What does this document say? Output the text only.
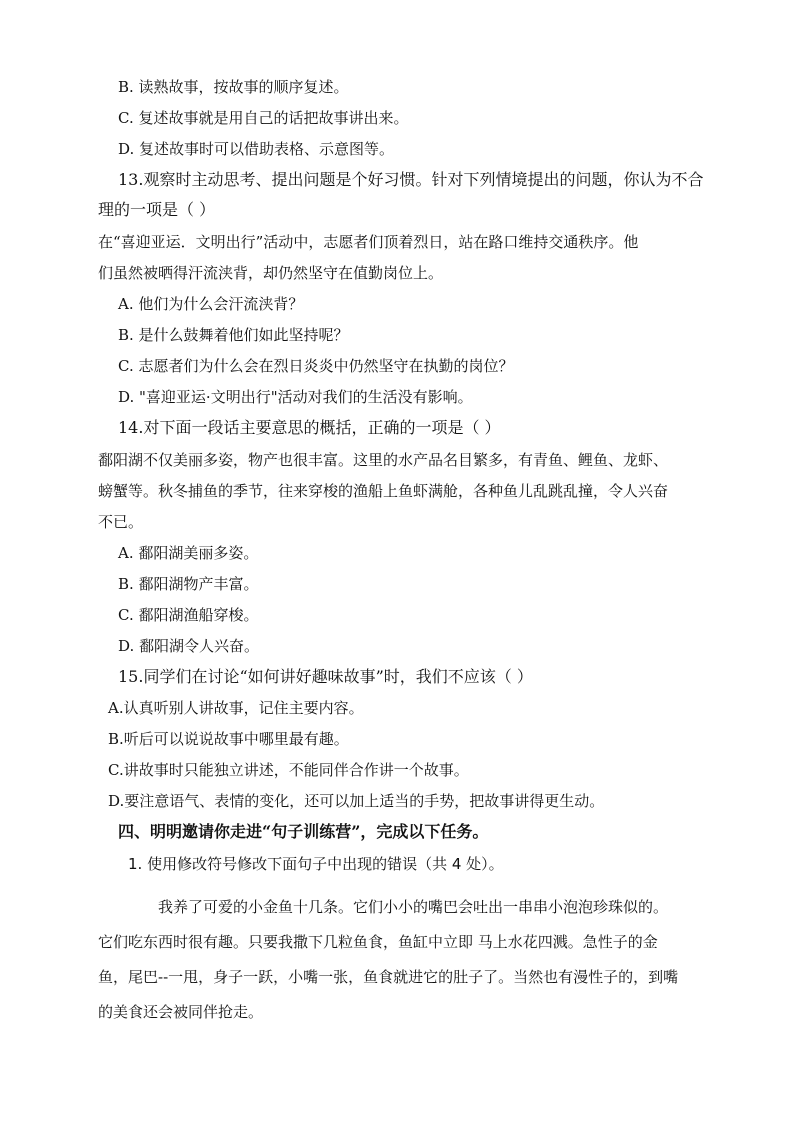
B. 读熟故事，按故事的顺序复述。
C. 复述故事就是用自己的话把故事讲出来。
D. 复述故事时可以借助表格、示意图等。
13.观察时主动思考、提出问题是个好习惯。针对下列情境提出的问题，你认为不合
理的一项是（ ）
在“喜迎亚运．文明出行”活动中，志愿者们顶着烈日，站在路口维持交通秩序。他
们虽然被晒得汗流浃背，却仍然坚守在值勤岗位上。
A. 他们为什么会汗流浃背？
B. 是什么鼓舞着他们如此坚持呢？
C. 志愿者们为什么会在烈日炎炎中仍然坚守在执勤的岗位？
D. "喜迎亚运·文明出行"活动对我们的生活没有影响。
14.对下面一段话主要意思的概括，正确的一项是（ ）
鄱阳湖不仅美丽多姿，物产也很丰富。这里的水产品名目繁多，有青鱼、鲤鱼、龙虾、
螃蟹等。秋冬捕鱼的季节，往来穿梭的渔船上鱼虾满舱，各种鱼儿乱跳乱撞，令人兴奋
不已。
A. 鄱阳湖美丽多姿。
B. 鄱阳湖物产丰富。
C. 鄱阳湖渔船穿梭。
D. 鄱阳湖令人兴奋。
15.同学们在讨论“如何讲好趣味故事”时，我们不应该（ ）
A.认真听别人讲故事，记住主要内容。
B.听后可以说说故事中哪里最有趣。
C.讲故事时只能独立讲述，不能同伴合作讲一个故事。
D.要注意语气、表情的变化，还可以加上适当的手势，把故事讲得更生动。
四、明明邀请你走进“句子训练营”，完成以下任务。
1. 使用修改符号修改下面句子中出现的错误（共 4 处）。
我养了可爱的小金鱼十几条。它们小小的嘴巴会吐出一串串小泡泡珍珠似的。
它们吃东西时很有趣。只要我撒下几粒鱼食，鱼缸中立即 马上水花四溅。急性子的金
鱼，尾巴--一甩，身子一跃，小嘴一张，鱼食就进它的肚子了。当然也有漫性子的，到嘴
的美食还会被同伴抢走。
